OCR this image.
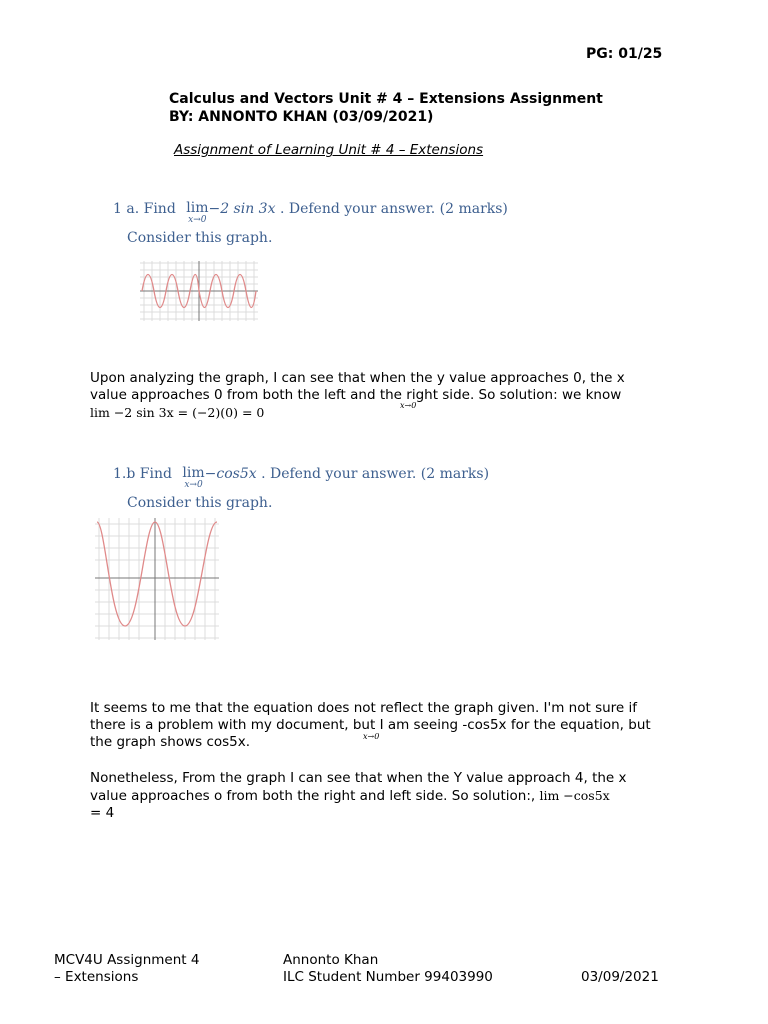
PG: 01/25
Calculus and Vectors Unit # 4 – Extensions Assignment
BY: ANNONTO KHAN (03/09/2021)
Assignment of Learning Unit # 4 – Extensions
1 a. Find lim
x→0
−2 sin 3x . Defend your answer. (2 marks)
Consider this graph.
Upon analyzing the graph, I can see that when the y value approaches 0, the x value approaches 0 from both the left and the right side. So solution: we know
x→0
lim −2 sin 3x = (−2)(0) = 0
1.b Find lim
x→0
−cos5x . Defend your answer. (2 marks)
Consider this graph.
It seems to me that the equation does not reflect the graph given. I'm not sure if there is a problem with my document, but I am seeing -cos5x for the equation, but the graph shows cos5x.	x→0
Nonetheless, From the graph I can see that when the Y value approach 4, the x value approaches o from both the right and left side. So solution:, lim −cos5x
= 4
MCV4U Assignment 4
– Extensions
Annonto Khan
ILC Student Number 99403990	03/09/2021
